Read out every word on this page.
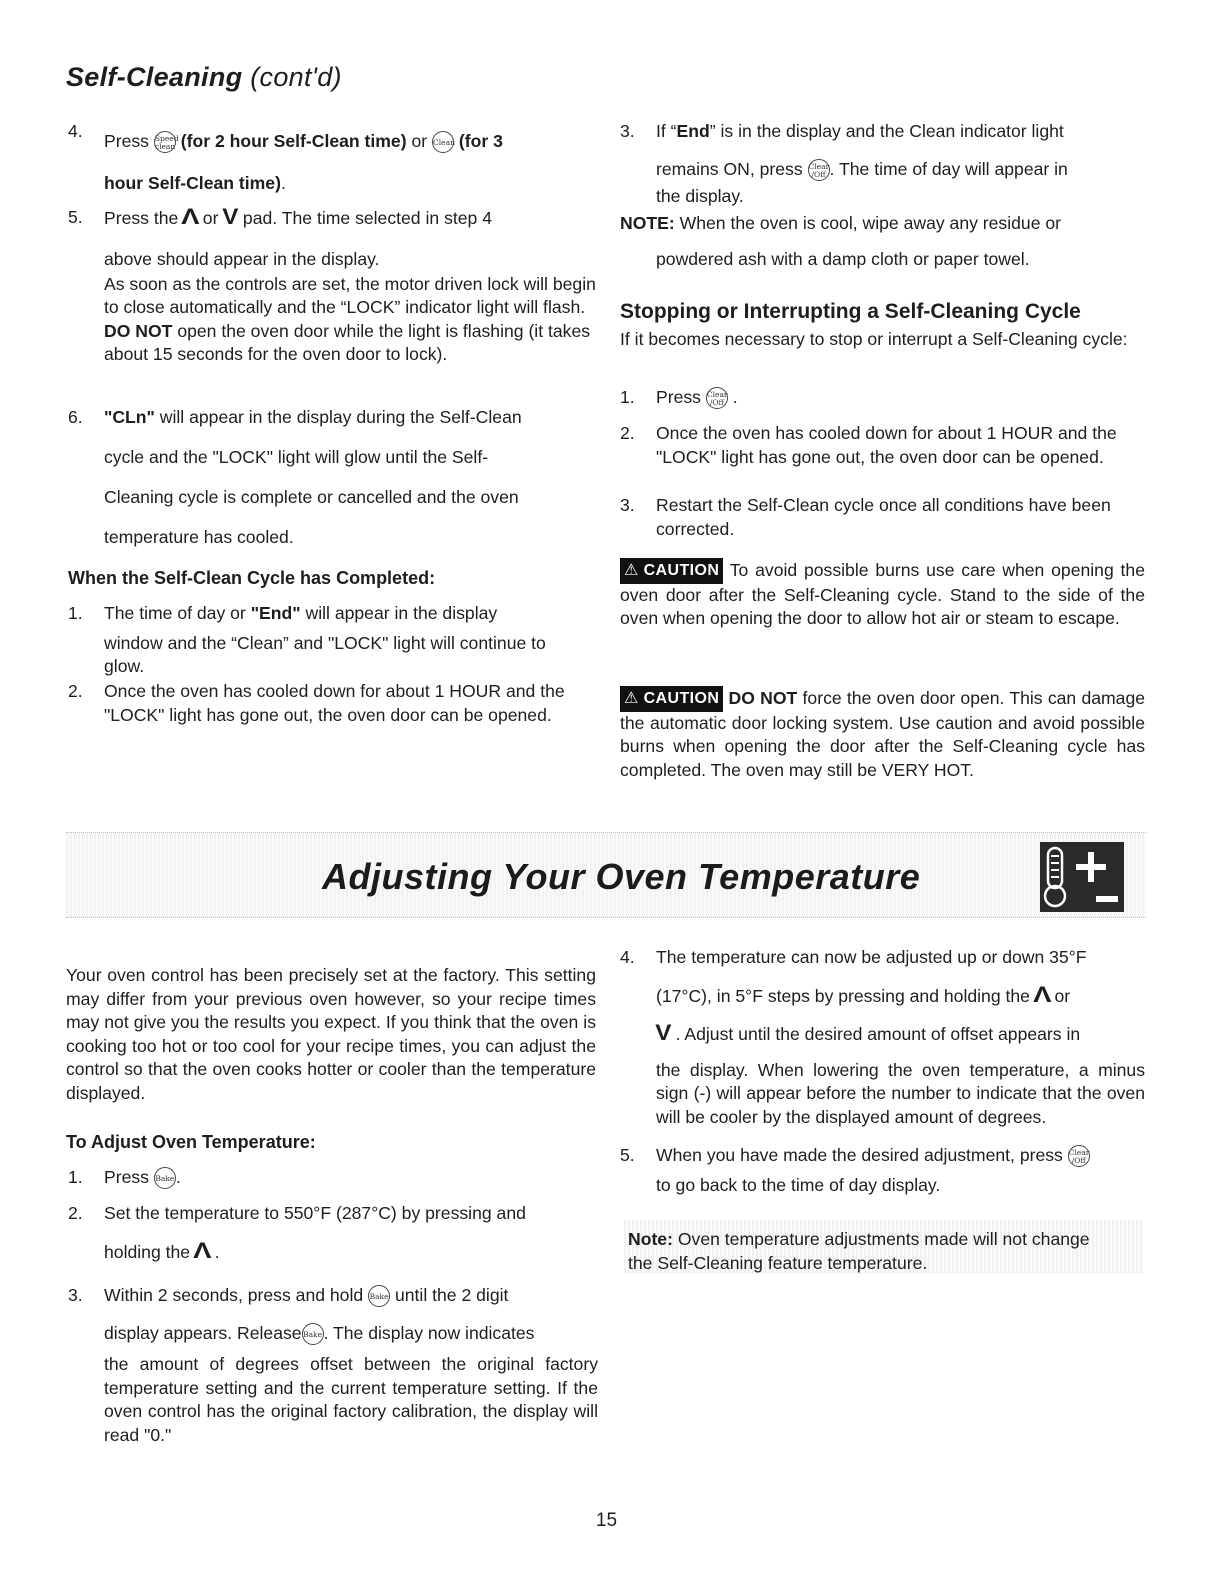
Self-Cleaning (cont'd)
4. Press Speed
clean (for 2 hour Self-Clean time) or Clean (for 3
hour Self-Clean time).
5. Press the Λ or V pad. The time selected in step 4
above should appear in the display.
As soon as the controls are set, the motor driven lock will begin to close automatically and the “LOCK” indicator light will flash. DO NOT open the oven door while the light is flashing (it takes about 15 seconds for the oven door to lock).
6. "CLn" will appear in the display during the Self-Clean
cycle and the "LOCK" light will glow until the Self-
Cleaning cycle is complete or cancelled and the oven
temperature has cooled.
When the Self-Clean Cycle has Completed:
1. The time of day or "End" will appear in the display
window and the “Clean” and "LOCK" light will continue to glow.
2. Once the oven has cooled down for about 1 HOUR and the "LOCK" light has gone out, the oven door can be opened.
3. If “End” is in the display and the Clean indicator light
remains ON, press Clear
/Off . The time of day will appear in
the display.
NOTE: When the oven is cool, wipe away any residue or
powdered ash with a damp cloth or paper towel.
Stopping or Interrupting a Self-Cleaning Cycle
If it becomes necessary to stop or interrupt a Self-Cleaning cycle:
1. Press Clear
/Off .
2. Once the oven has cooled down for about 1 HOUR and the "LOCK" light has gone out, the oven door can be opened.
3. Restart the Self-Clean cycle once all conditions have been corrected.
⚠ CAUTION To avoid possible burns use care when opening the oven door after the Self-Cleaning cycle. Stand to the side of the oven when opening the door to allow hot air or steam to escape.
⚠ CAUTION DO NOT force the oven door open. This can damage the automatic door locking system. Use caution and avoid possible burns when opening the door after the Self-Cleaning cycle has completed. The oven may still be VERY HOT.
Adjusting Your Oven Temperature
Your oven control has been precisely set at the factory. This setting may differ from your previous oven however, so your recipe times may not give you the results you expect. If you think that the oven is cooking too hot or too cool for your recipe times, you can adjust the control so that the oven cooks hotter or cooler than the temperature displayed.
To Adjust Oven Temperature:
1. Press Bake.
2. Set the temperature to 550°F (287°C) by pressing and
holding the Λ .
3. Within 2 seconds, press and hold Bake until the 2 digit
display appears. Release Bake. The display now indicates
the amount of degrees offset between the original factory temperature setting and the current temperature setting. If the oven control has the original factory calibration, the display will read "0."
4. The temperature can now be adjusted up or down 35°F
(17°C), in 5°F steps by pressing and holding the Λ or
V . Adjust until the desired amount of offset appears in
the display. When lowering the oven temperature, a minus sign (-) will appear before the number to indicate that the oven will be cooler by the displayed amount of degrees.
5. When you have made the desired adjustment, press Clear
/Off
to go back to the time of day display.
Note: Oven temperature adjustments made will not change
the Self-Cleaning feature temperature.
15
